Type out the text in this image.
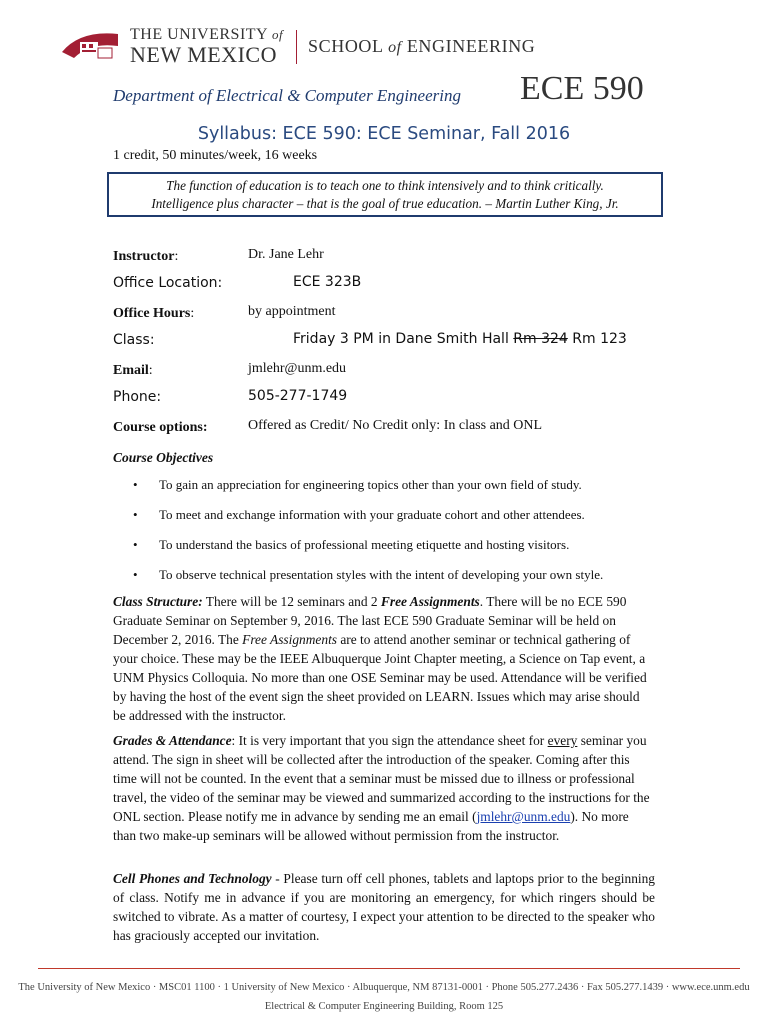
THE UNIVERSITY of
NEW MEXICO	SCHOOL of ENGINEERING
Department of Electrical & Computer Engineering ECE 590
Syllabus: ECE 590: ECE Seminar, Fall 2016
1 credit, 50 minutes/week, 16 weeks
The function of education is to teach one to think intensively and to think critically.
Intelligence plus character – that is the goal of true education. – Martin Luther King, Jr.
Instructor:	Dr. Jane Lehr
Office Location:	ECE 323B
Office Hours:	by appointment
Class:	Friday 3 PM in Dane Smith Hall Rm 324 Rm 123
Email:	jmlehr@unm.edu
Phone:	505-277-1749
Course options:	Offered as Credit/ No Credit only: In class and ONL
Course Objectives
• To gain an appreciation for engineering topics other than your own field of study.
• To meet and exchange information with your graduate cohort and other attendees.
• To understand the basics of professional meeting etiquette and hosting visitors.
• To observe technical presentation styles with the intent of developing your own style.
Class Structure: There will be 12 seminars and 2 Free Assignments. There will be no ECE 590 Graduate Seminar on September 9, 2016. The last ECE 590 Graduate Seminar will be held on December 2, 2016. The Free Assignments are to attend another seminar or technical gathering of your choice. These may be the IEEE Albuquerque Joint Chapter meeting, a Science on Tap event, a UNM Physics Colloquia. No more than one OSE Seminar may be used. Attendance will be verified by having the host of the event sign the sheet provided on LEARN. Issues which may arise should be addressed with the instructor.
Grades & Attendance: It is very important that you sign the attendance sheet for every seminar you attend. The sign in sheet will be collected after the introduction of the speaker. Coming after this time will not be counted. In the event that a seminar must be missed due to illness or professional travel, the video of the seminar may be viewed and summarized according to the instructions for the ONL section. Please notify me in advance by sending me an email (jmlehr@unm.edu). No more than two make-up seminars will be allowed without permission from the instructor.
Cell Phones and Technology - Please turn off cell phones, tablets and laptops prior to the beginning of class. Notify me in advance if you are monitoring an emergency, for which ringers should be switched to vibrate. As a matter of courtesy, I expect your attention to be directed to the speaker who has graciously accepted our invitation.
The University of New Mexico · MSC01 1100 · 1 University of New Mexico · Albuquerque, NM 87131-0001 · Phone 505.277.2436 · Fax 505.277.1439 · www.ece.unm.edu
Electrical & Computer Engineering Building, Room 125
